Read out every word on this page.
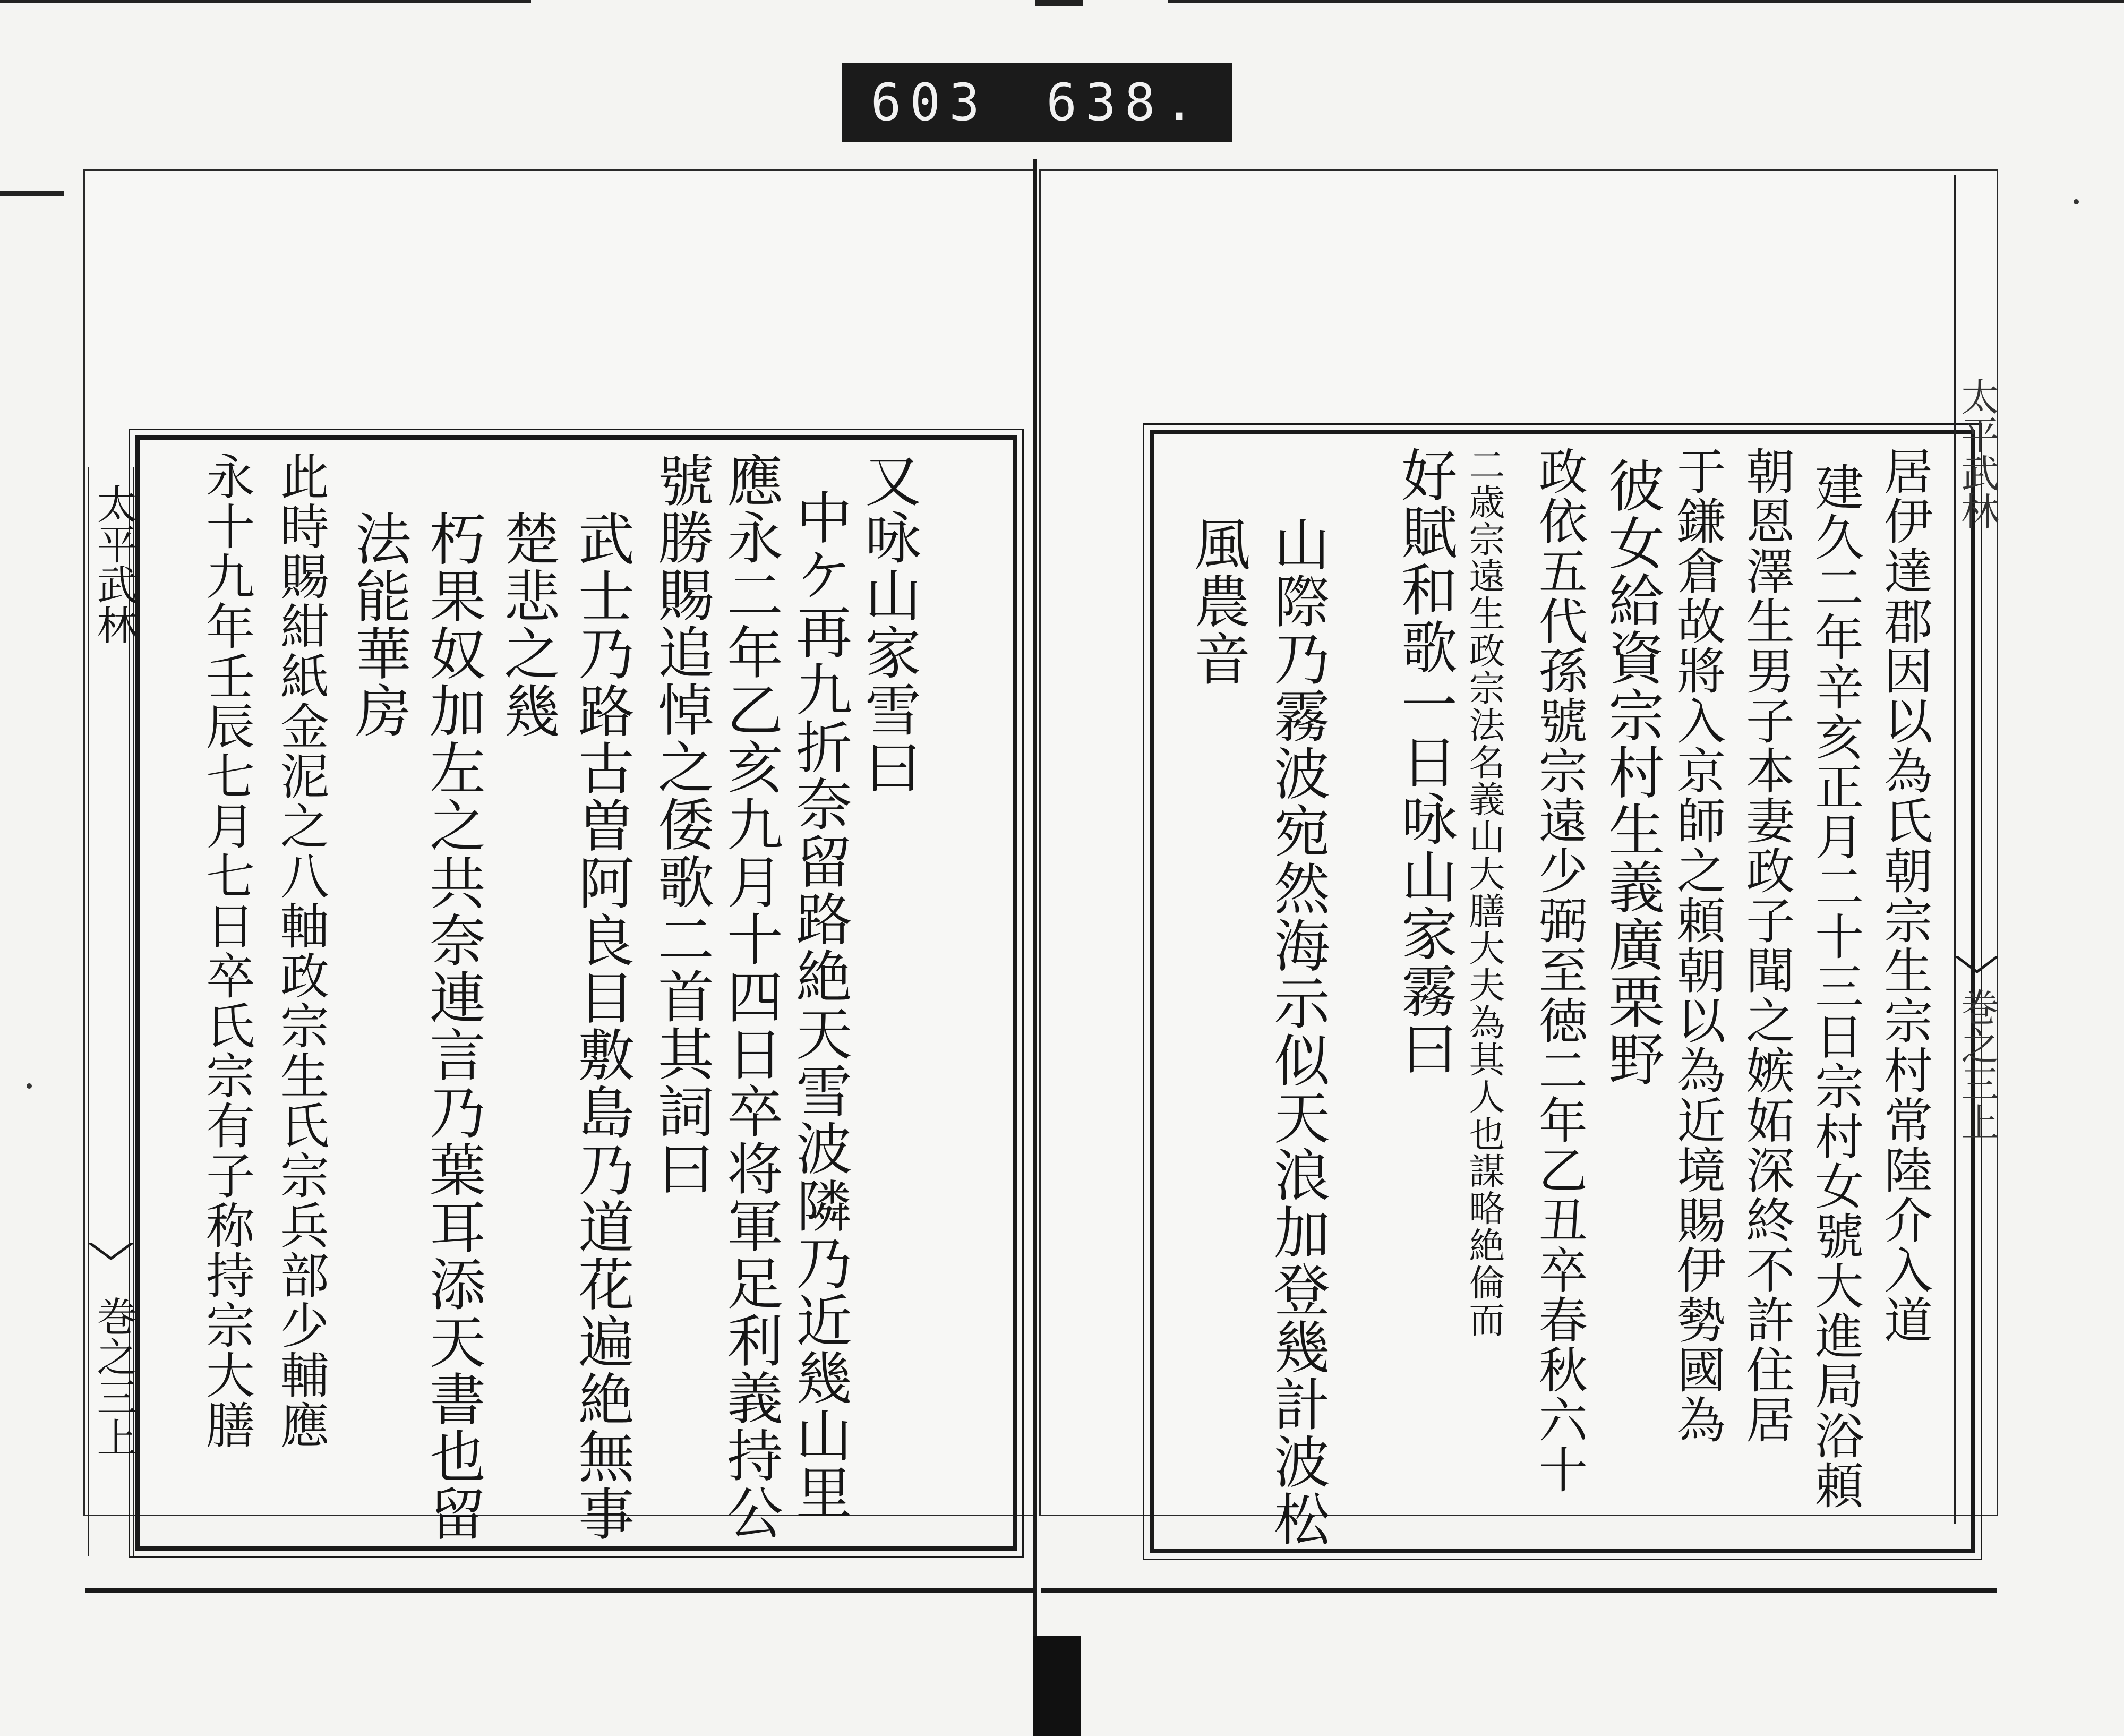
603 638.
太平武林
巻之三上
又咏山家雪曰
中ケ再九折奈留路絶天雪波隣乃近幾山里
應永二年乙亥九月十四日卒将軍足利義持公
號勝賜追悼之倭歌二首其詞曰
武士乃路古曽阿良目敷島乃道花遍絶無事
楚悲之幾
朽果奴加左之共奈連言乃葉耳添天書也留
法能華房
此時賜紺紙金泥之八軸政宗生氏宗兵部少輔應
永十九年壬辰七月七日卒氏宗有子称持宗大膳	太平武林
巻之三上
居伊達郡因以為氏朝宗生宗村常陸介入道
建久二年辛亥正月二十三日宗村女號大進局浴頼
朝恩澤生男子本妻政子聞之嫉妬深終不許住居
于鎌倉故將入京師之頼朝以為近境賜伊勢國為
彼女給資宗村生義廣栗野
政依五代孫號宗遠少弼至徳二年乙丑卒春秋六十
二歳宗遠生政宗法名義山大膳大夫為其人也謀略絶倫而
好賦和歌一日咏山家霧曰
山際乃霧波宛然海示似天浪加登幾計波松
風農音
